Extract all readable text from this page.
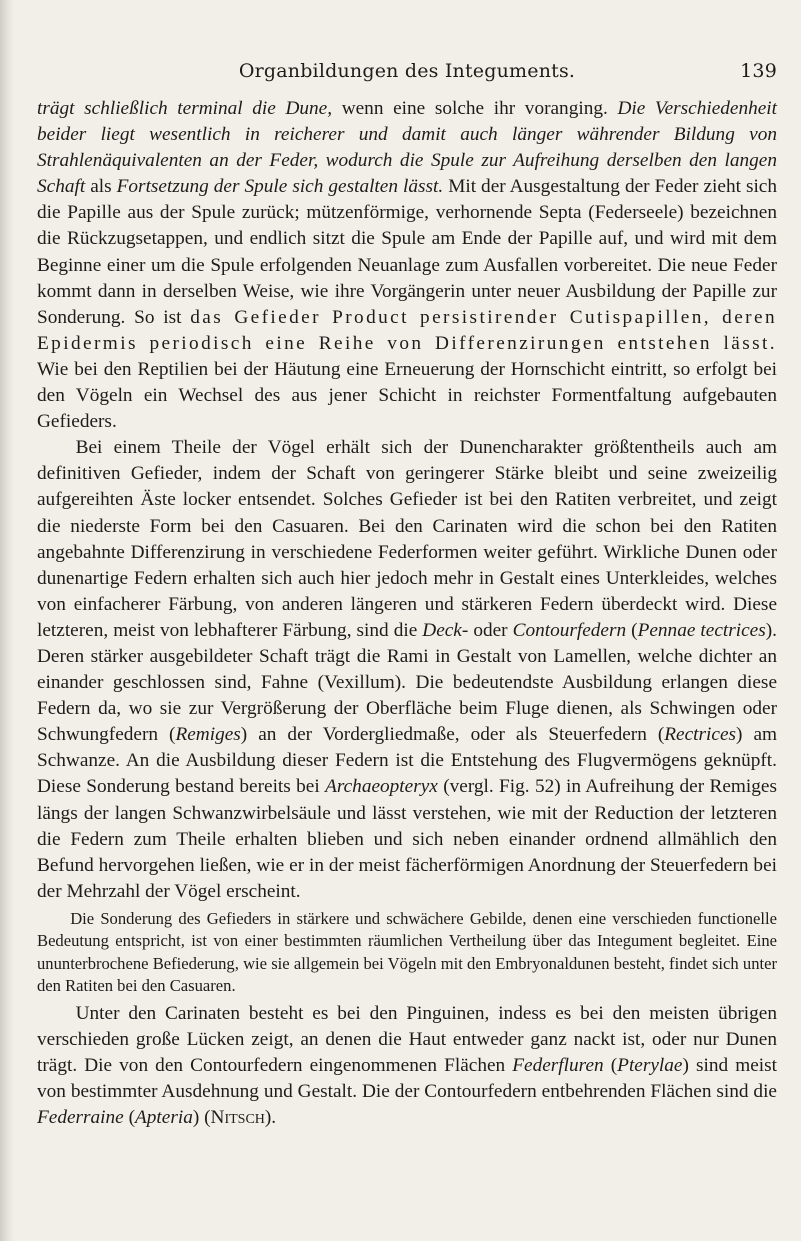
Organbildungen des Integuments.	139

trägt schließlich terminal die Dune, wenn eine solche ihr voranging. Die Verschiedenheit beider liegt wesentlich in reicherer und damit auch länger währender Bildung von Strahlenäquivalenten an der Feder, wodurch die Spule zur Aufreihung derselben den langen Schaft als Fortsetzung der Spule sich gestalten lässt. Mit der Ausgestaltung der Feder zieht sich die Papille aus der Spule zurück; mützenförmige, verhornende Septa (Federseele) bezeichnen die Rückzugsetappen, und endlich sitzt die Spule am Ende der Papille auf, und wird mit dem Beginne einer um die Spule erfolgenden Neuanlage zum Ausfallen vorbereitet. Die neue Feder kommt dann in derselben Weise, wie ihre Vorgängerin unter neuer Ausbildung der Papille zur Sonderung. So ist das Gefieder Product persistirender Cutispapillen, deren Epidermis periodisch eine Reihe von Differenzirungen entstehen lässt. Wie bei den Reptilien bei der Häutung eine Erneuerung der Hornschicht eintritt, so erfolgt bei den Vögeln ein Wechsel des aus jener Schicht in reichster Formentfaltung aufgebauten Gefieders.

Bei einem Theile der Vögel erhält sich der Dunencharakter größtentheils auch am definitiven Gefieder, indem der Schaft von geringerer Stärke bleibt und seine zweizeilig aufgereihten Äste locker entsendet. Solches Gefieder ist bei den Ratiten verbreitet, und zeigt die niederste Form bei den Casuaren. Bei den Carinaten wird die schon bei den Ratiten angebahnte Differenzirung in verschiedene Federformen weiter geführt. Wirkliche Dunen oder dunenartige Federn erhalten sich auch hier jedoch mehr in Gestalt eines Unterkleides, welches von einfacherer Färbung, von anderen längeren und stärkeren Federn überdeckt wird. Diese letzteren, meist von lebhafterer Färbung, sind die Deck- oder Contourfedern (Pennae tectrices). Deren stärker ausgebildeter Schaft trägt die Rami in Gestalt von Lamellen, welche dichter an einander geschlossen sind, Fahne (Vexillum). Die bedeutendste Ausbildung erlangen diese Federn da, wo sie zur Vergrößerung der Oberfläche beim Fluge dienen, als Schwingen oder Schwungfedern (Remiges) an der Vordergliedmaße, oder als Steuerfedern (Rectrices) am Schwanze. An die Ausbildung dieser Federn ist die Entstehung des Flugvermögens geknüpft. Diese Sonderung bestand bereits bei Archaeopteryx (vergl. Fig. 52) in Aufreihung der Remiges längs der langen Schwanzwirbelsäule und lässt verstehen, wie mit der Reduction der letzteren die Federn zum Theile erhalten blieben und sich neben einander ordnend allmählich den Befund hervorgehen ließen, wie er in der meist fächerförmigen Anordnung der Steuerfedern bei der Mehrzahl der Vögel erscheint.

Die Sonderung des Gefieders in stärkere und schwächere Gebilde, denen eine verschieden functionelle Bedeutung entspricht, ist von einer bestimmten räumlichen Vertheilung über das Integument begleitet. Eine ununterbrochene Befiederung, wie sie allgemein bei Vögeln mit den Embryonaldunen besteht, findet sich unter den Ratiten bei den Casuaren.

Unter den Carinaten besteht es bei den Pinguinen, indess es bei den meisten übrigen verschieden große Lücken zeigt, an denen die Haut entweder ganz nackt ist, oder nur Dunen trägt. Die von den Contourfedern eingenommenen Flächen Federfluren (Pterylae) sind meist von bestimmter Ausdehnung und Gestalt. Die der Contourfedern entbehrenden Flächen sind die Federraine (Apteria) (Nitsch).
